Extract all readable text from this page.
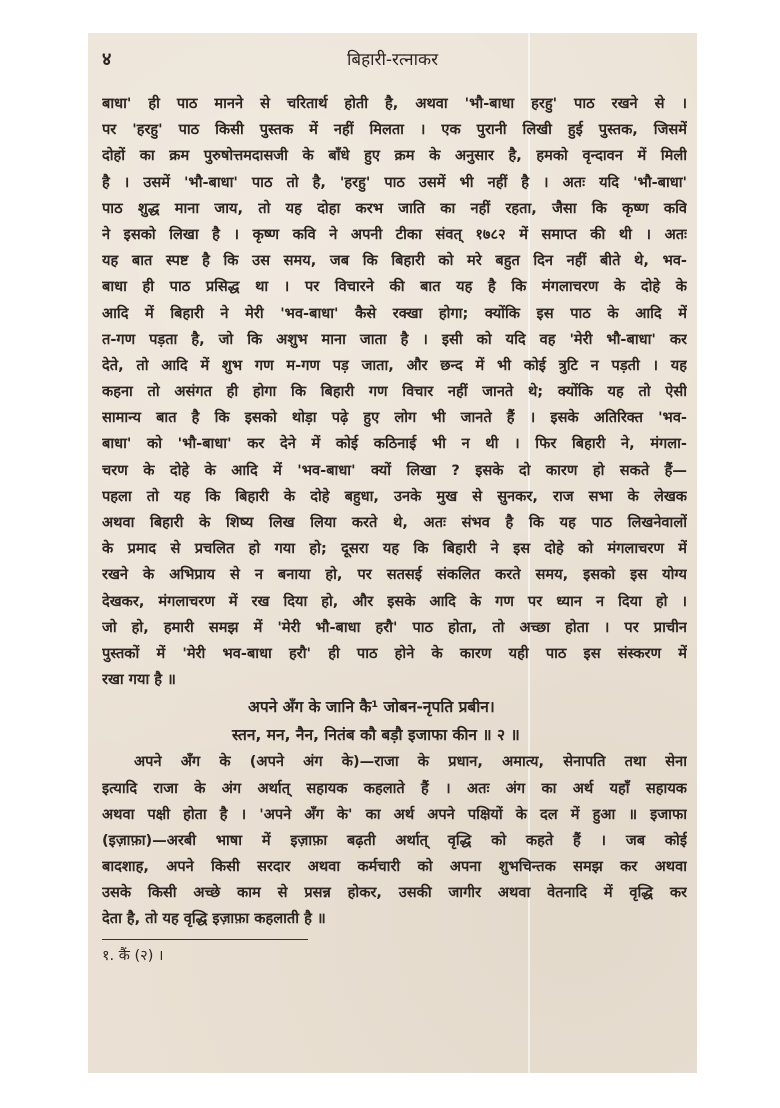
४	बिहारी-रत्नाकर
बाधा' ही पाठ मानने से चरितार्थ होती है, अथवा 'भौ-बाधा हरहु' पाठ रखने से ।
पर 'हरहु' पाठ किसी पुस्तक में नहीं मिलता । एक पुरानी लिखी हुई पुस्तक, जिसमें
दोहों का क्रम पुरुषोत्तमदासजी के बाँधे हुए क्रम के अनुसार है, हमको वृन्दावन में मिली
है । उसमें 'भौ-बाधा' पाठ तो है, 'हरहु' पाठ उसमें भी नहीं है । अतः यदि 'भौ-बाधा'
पाठ शुद्ध माना जाय, तो यह दोहा करभ जाति का नहीं रहता, जैसा कि कृष्ण कवि
ने इसको लिखा है । कृष्ण कवि ने अपनी टीका संवत् १७८२ में समाप्त की थी । अतः
यह बात स्पष्ट है कि उस समय, जब कि बिहारी को मरे बहुत दिन नहीं बीते थे, भव-
बाधा ही पाठ प्रसिद्ध था । पर विचारने की बात यह है कि मंगलाचरण के दोहे के
आदि में बिहारी ने मेरी 'भव-बाधा' कैसे रक्खा होगा; क्योंकि इस पाठ के आदि में
त-गण पड़ता है, जो कि अशुभ माना जाता है । इसी को यदि वह 'मेरी भौ-बाधा' कर
देते, तो आदि में शुभ गण म-गण पड़ जाता, और छन्द में भी कोई त्रुटि न पड़ती । यह
कहना तो असंगत ही होगा कि बिहारी गण विचार नहीं जानते थे; क्योंकि यह तो ऐसी
सामान्य बात है कि इसको थोड़ा पढ़े हुए लोग भी जानते हैं । इसके अतिरिक्त 'भव-
बाधा' को 'भौ-बाधा' कर देने में कोई कठिनाई भी न थी । फिर बिहारी ने, मंगला-
चरण के दोहे के आदि में 'भव-बाधा' क्यों लिखा ? इसके दो कारण हो सकते हैं—
पहला तो यह कि बिहारी के दोहे बहुधा, उनके मुख से सुनकर, राज सभा के लेखक
अथवा बिहारी के शिष्य लिख लिया करते थे, अतः संभव है कि यह पाठ लिखनेवालों
के प्रमाद से प्रचलित हो गया हो; दूसरा यह कि बिहारी ने इस दोहे को मंगलाचरण में
रखने के अभिप्राय से न बनाया हो, पर सतसई संकलित करते समय, इसको इस योग्य
देखकर, मंगलाचरण में रख दिया हो, और इसके आदि के गण पर ध्यान न दिया हो ।
जो हो, हमारी समझ में 'मेरी भौ-बाधा हरौ' पाठ होता, तो अच्छा होता । पर प्राचीन
पुस्तकों में 'मेरी भव-बाधा हरौ' ही पाठ होने के कारण यही पाठ इस संस्करण में
रखा गया है ॥
अपने अँग के जानि कै¹ जोबन-नृपति प्रबीन।
स्तन, मन, नैन, नितंब कौ बड़ौ इजाफा कीन ॥ २ ॥
अपने अँग के (अपने अंग के)—राजा के प्रधान, अमात्य, सेनापति तथा सेना
इत्यादि राजा के अंग अर्थात् सहायक कहलाते हैं । अतः अंग का अर्थ यहाँ सहायक
अथवा पक्षी होता है । 'अपने अँग के' का अर्थ अपने पक्षियों के दल में हुआ ॥ इजाफा
(इज़ाफ़ा)—अरबी भाषा में इज़ाफ़ा बढ़ती अर्थात् वृद्धि को कहते हैं । जब कोई
बादशाह, अपने किसी सरदार अथवा कर्मचारी को अपना शुभचिन्तक समझ कर अथवा
उसके किसी अच्छे काम से प्रसन्न होकर, उसकी जागीर अथवा वेतनादि में वृद्धि कर
देता है, तो यह वृद्धि इज़ाफ़ा कहलाती है ॥
१. कैं (२) ।
